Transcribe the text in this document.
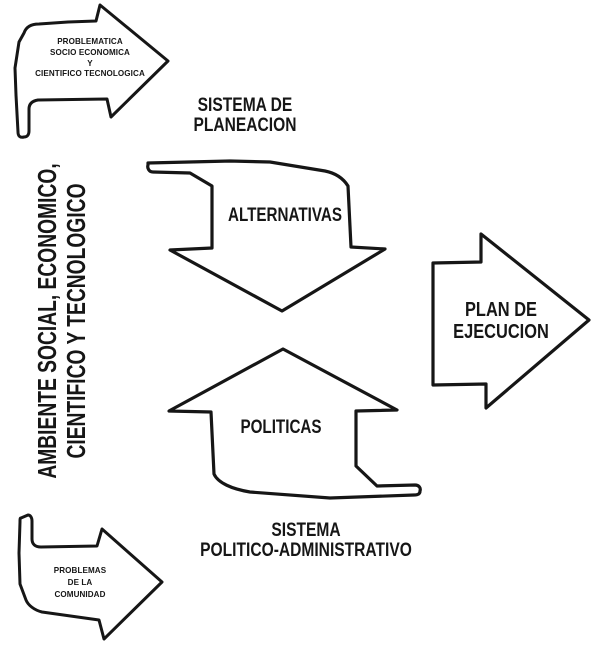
AMBIENTE SOCIAL, ECONOMICO, CIENTIFICO Y TECNOLOGICO
PROBLEMATICA
SOCIO ECONOMICA
Y
CIENTIFICO TECNOLOGICA
SISTEMA DE
PLANEACION
ALTERNATIVAS
POLITICAS
PLAN DE
EJECUCION
SISTEMA
POLITICO-ADMINISTRATIVO
PROBLEMAS
DE LA
COMUNIDAD
